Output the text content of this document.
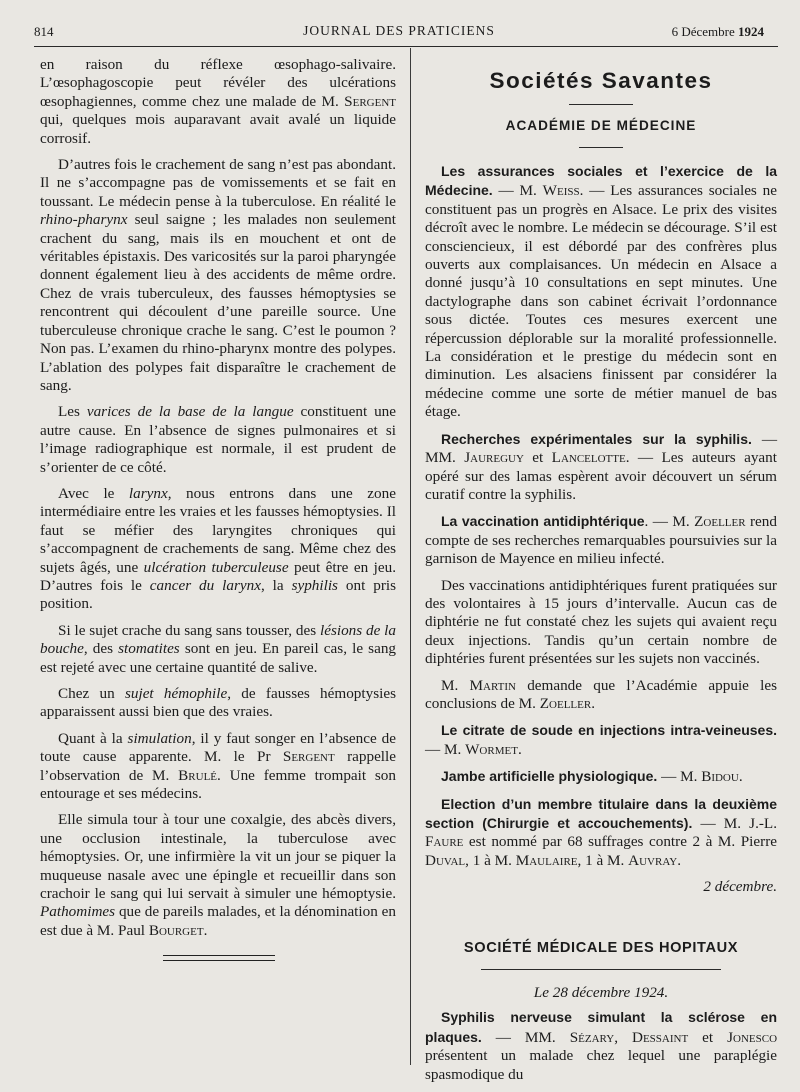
814	JOURNAL DES PRATICIENS	6 Décembre 1924

en raison du réflexe œsophago-salivaire. L’œsophagoscopie peut révéler des ulcérations œsophagiennes, comme chez une malade de M. Sergent qui, quelques mois auparavant avait avalé un liquide corrosif.

D’autres fois le crachement de sang n’est pas abondant. Il ne s’accompagne pas de vomissements et se fait en toussant. Le médecin pense à la tuberculose. En réalité le rhino-pharynx seul saigne ; les malades non seulement crachent du sang, mais ils en mouchent et ont de véritables épistaxis. Des varicosités sur la paroi pharyngée donnent également lieu à des accidents de même ordre. Chez de vrais tuberculeux, des fausses hémoptysies se rencontrent qui découlent d’une pareille source. Une tuberculeuse chronique crache le sang. C’est le poumon ? Non pas. L’examen du rhino-pharynx montre des polypes. L’ablation des polypes fait disparaître le crachement de sang.

Les varices de la base de la langue constituent une autre cause. En l’absence de signes pulmonaires et si l’image radiographique est normale, il est prudent de s’orienter de ce côté.

Avec le larynx, nous entrons dans une zone intermédiaire entre les vraies et les fausses hémoptysies. Il faut se méfier des laryngites chroniques qui s’accompagnent de crachements de sang. Même chez des sujets âgés, une ulcération tuberculeuse peut être en jeu. D’autres fois le cancer du larynx, la syphilis ont pris position.

Si le sujet crache du sang sans tousser, des lésions de la bouche, des stomatites sont en jeu. En pareil cas, le sang est rejeté avec une certaine quantité de salive.

Chez un sujet hémophile, de fausses hémoptysies apparaissent aussi bien que des vraies.

Quant à la simulation, il y faut songer en l’absence de toute cause apparente. M. le Pr Sergent rappelle l’observation de M. Brulé. Une femme trompait son entourage et ses médecins.

Elle simula tour à tour une coxalgie, des abcès divers, une occlusion intestinale, la tuberculose avec hémoptysies. Or, une infirmière la vit un jour se piquer la muqueuse nasale avec une épingle et recueillir dans son crachoir le sang qui lui servait à simuler une hémoptysie. Pathomimes que de pareils malades, et la dénomination en est due à M. Paul Bourget.

Sociétés Savantes
ACADÉMIE DE MÉDECINE

Les assurances sociales et l’exercice de la Médecine. — M. Weiss. — Les assurances sociales ne constituent pas un progrès en Alsace. Le prix des visites décroît avec le nombre. Le médecin se décourage. S’il est consciencieux, il est débordé par des confrères plus ouverts aux complaisances. Un médecin en Alsace a donné jusqu’à 10 consultations en sept minutes. Une dactylographe dans son cabinet écrivait l’ordonnance sous dictée. Toutes ces mesures exercent une répercussion déplorable sur la moralité professionnelle. La considération et le prestige du médecin sont en diminution. Les alsaciens finissent par considérer la médecine comme une sorte de métier manuel de bas étage.

Recherches expérimentales sur la syphilis. — MM. Jaureguy et Lancelotte. — Les auteurs ayant opéré sur des lamas espèrent avoir découvert un sérum curatif contre la syphilis.

La vaccination antidiphtérique. — M. Zoeller rend compte de ses recherches remarquables poursuivies sur la garnison de Mayence en milieu infecté.

Des vaccinations antidiphtériques furent pratiquées sur des volontaires à 15 jours d’intervalle. Aucun cas de diphtérie ne fut constaté chez les sujets qui avaient reçu deux injections. Tandis qu’un certain nombre de diphtéries furent présentées sur les sujets non vaccinés.

M. Martin demande que l’Académie appuie les conclusions de M. Zoeller.

Le citrate de soude en injections intra-veineuses. — M. Wormet.

Jambe artificielle physiologique. — M. Bidou.

Election d’un membre titulaire dans la deuxième section (Chirurgie et accouchements). — M. J.-L. Faure est nommé par 68 suffrages contre 2 à M. Pierre Duval, 1 à M. Maulaire, 1 à M. Auvray.

2 décembre.

SOCIÉTÉ MÉDICALE DES HOPITAUX
Le 28 décembre 1924.

Syphilis nerveuse simulant la sclérose en plaques. — MM. Sézary, Dessaint et Jonesco présentent un malade chez lequel une paraplégie spasmodique du
